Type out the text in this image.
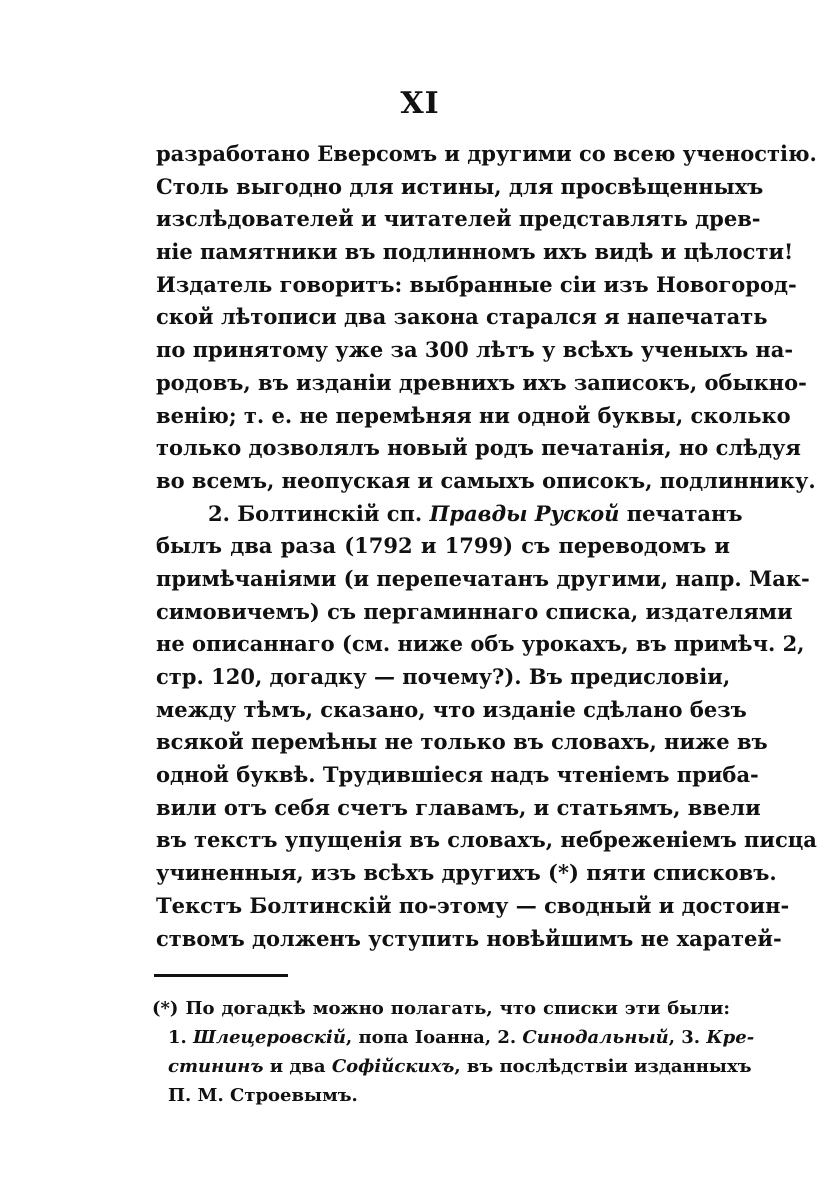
XI
разработано Еверсомъ и другими со всею ученостію.
Столь выгодно для истины, для просвѣщенныхъ
изслѣдователей и читателей представлять древ-
ніе памятники въ подлинномъ ихъ видѣ и цѣлости!
Издатель говоритъ: выбранные сіи изъ Новогород-
ской лѣтописи два закона старался я напечатать
по принятому уже за 300 лѣтъ у всѣхъ ученыхъ на-
родовъ, въ изданіи древнихъ ихъ записокъ, обыкно-
венію; т. е. не перемѣняя ни одной буквы, сколько
только дозволялъ новый родъ печатанія, но слѣдуя
во всемъ, неопуская и самыхъ описокъ, подлиннику.
2. Болтинскій сп. Правды Руской печатанъ
былъ два раза (1792 и 1799) съ переводомъ и
примѣчаніями (и перепечатанъ другими, напр. Мак-
симовичемъ) съ пергаминнаго списка, издателями
не описаннаго (см. ниже объ урокахъ, въ примѣч. 2,
стр. 120, догадку — почему?). Въ предисловіи,
между тѣмъ, сказано, что изданіе сдѣлано безъ
всякой перемѣны не только въ словахъ, ниже въ
одной буквѣ. Трудившіеся надъ чтеніемъ прибa-
вили отъ себя счетъ главамъ, и статьямъ, ввели
въ текстъ упущенія въ словахъ, небреженіемъ писца
учиненныя, изъ всѣхъ другихъ (*) пяти списковъ.
Текстъ Болтинскій по-этому — сводный и достоин-
ствомъ долженъ уступить новѣйшимъ не харатей-
(*) По догадкѣ можно полагать, что списки эти были:
1. Шлецеровскій, попа Іоанна, 2. Синодальный, 3. Кре-
стининъ и два Софійскихъ, въ послѣдствіи изданныхъ
П. М. Строевымъ.
